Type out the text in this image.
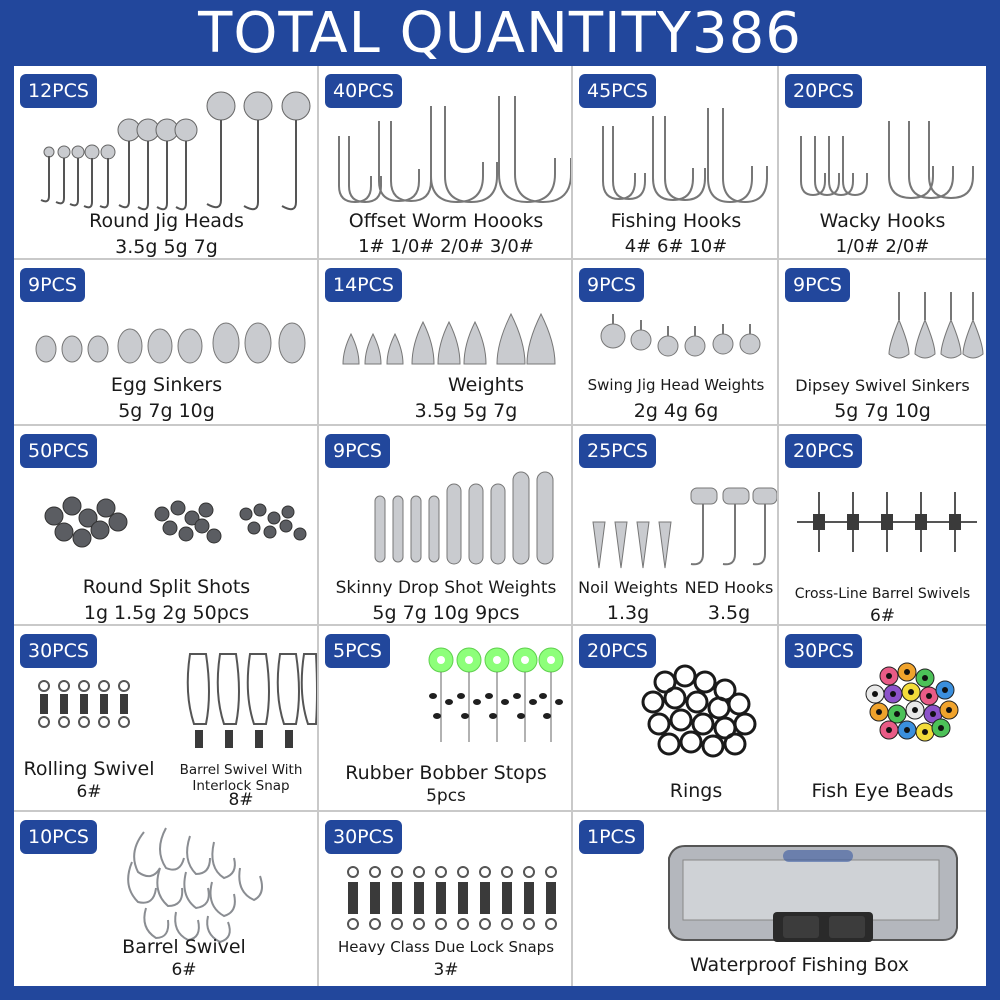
TOTAL QUANTITY386
12PCS
Round Jig Heads
3.5g 5g 7g
40PCS
Offset Worm Hoooks
1# 1/0# 2/0# 3/0#
45PCS
Fishing Hooks
4# 6# 10#
20PCS
Wacky Hooks
1/0# 2/0#
9PCS
Egg Sinkers
5g 7g 10g
14PCS
Weights
3.5g 5g 7g
9PCS
Swing Jig Head Weights
2g 4g 6g
9PCS
Dipsey Swivel Sinkers
5g 7g 10g
50PCS
Round Split Shots
1g 1.5g 2g 50pcs
9PCS
Skinny Drop Shot Weights
5g 7g 10g 9pcs
25PCS
Noil Weights NED Hooks
1.3g	3.5g
20PCS
Cross-Line Barrel Swivels
6#
30PCS
Rolling Swivel
6#
Barrel Swivel With
Interlock Snap
8#
5PCS
Rubber Bobber Stops
5pcs
20PCS
Rings
30PCS
Fish Eye Beads
10PCS
Barrel Swivel
6#
30PCS
Heavy Class Due Lock Snaps
3#
1PCS
Waterproof Fishing Box
